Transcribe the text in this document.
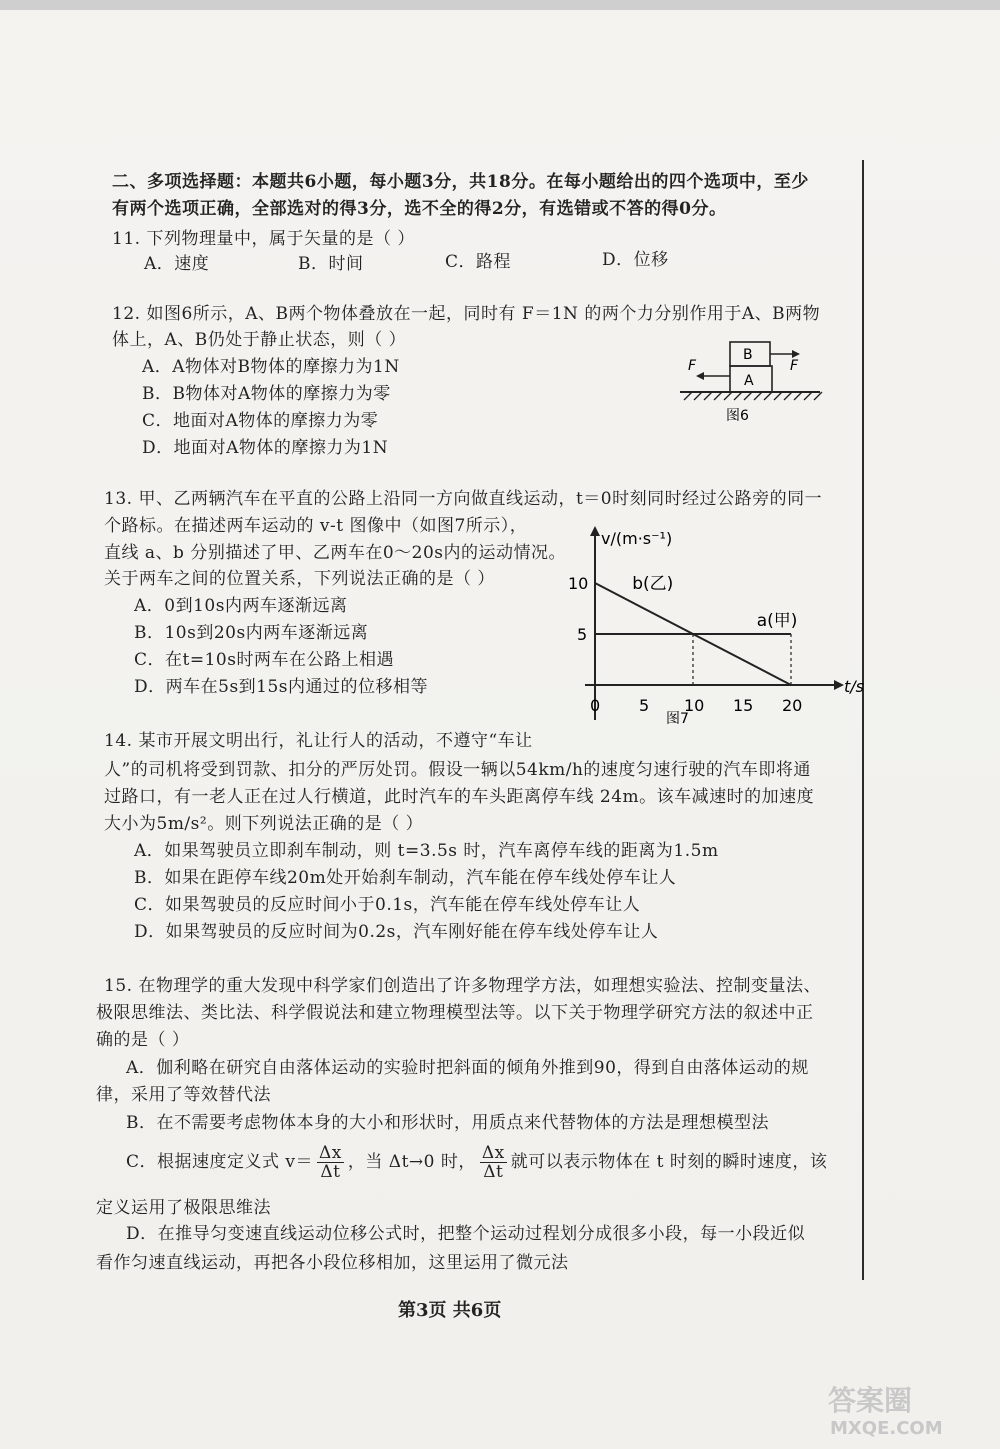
二、多项选择题：本题共6小题，每小题3分，共18分。在每小题给出的四个选项中，至少
有两个选项正确，全部选对的得3分，选不全的得2分，有选错或不答的得0分。
11. 下列物理量中，属于矢量的是（ ）
A．速度	B．时间	C．路程	D．位移
12. 如图6所示，A、B两个物体叠放在一起，同时有 F＝1N 的两个力分别作用于A、B两物
体上，A、B仍处于静止状态，则（ ）
A．A物体对B物体的摩擦力为1N
B．B物体对A物体的摩擦力为零
C．地面对A物体的摩擦力为零
D．地面对A物体的摩擦力为1N
A
B
F	F
图6
13. 甲、乙两辆汽车在平直的公路上沿同一方向做直线运动，t＝0时刻同时经过公路旁的同一
个路标。在描述两车运动的 v-t 图像中（如图7所示），
直线 a、b 分别描述了甲、乙两车在0～20s内的运动情况。
关于两车之间的位置关系，下列说法正确的是（ ）
A．0到10s内两车逐渐远离
B．10s到20s内两车逐渐远离
C．在t=10s时两车在公路上相遇
D．两车在5s到15s内通过的位移相等
v/(m·s⁻¹)
t/s
0 5 10 15 20
5
10
a(甲)
b(乙)
图7
14. 某市开展文明出行，礼让行人的活动，不遵守“车让
人”的司机将受到罚款、扣分的严厉处罚。假设一辆以54km/h的速度匀速行驶的汽车即将通
过路口，有一老人正在过人行横道，此时汽车的车头距离停车线 24m。该车减速时的加速度
大小为5m/s²。则下列说法正确的是（ ）
A．如果驾驶员立即刹车制动，则 t=3.5s 时，汽车离停车线的距离为1.5m
B．如果在距停车线20m处开始刹车制动，汽车能在停车线处停车让人
C．如果驾驶员的反应时间小于0.1s，汽车能在停车线处停车让人
D．如果驾驶员的反应时间为0.2s，汽车刚好能在停车线处停车让人
15. 在物理学的重大发现中科学家们创造出了许多物理学方法，如理想实验法、控制变量法、
极限思维法、类比法、科学假说法和建立物理模型法等。以下关于物理学研究方法的叙述中正
确的是（ ）
A．伽利略在研究自由落体运动的实验时把斜面的倾角外推到90，得到自由落体运动的规
律，采用了等效替代法
B．在不需要考虑物体本身的大小和形状时，用质点来代替物体的方法是理想模型法
C．根据速度定义式 $v= \frac{\Delta x}{\Delta t}$ ，当 Δt→0 时， $\frac{\Delta x}{\Delta t}$ 就可以表示物体在 t 时刻的瞬时速度，该
定义运用了极限思维法
D．在推导匀变速直线运动位移公式时，把整个运动过程划分成很多小段，每一小段近似
看作匀速直线运动，再把各小段位移相加，这里运用了微元法
第3页 共6页
答案圈
MXQE.COM
